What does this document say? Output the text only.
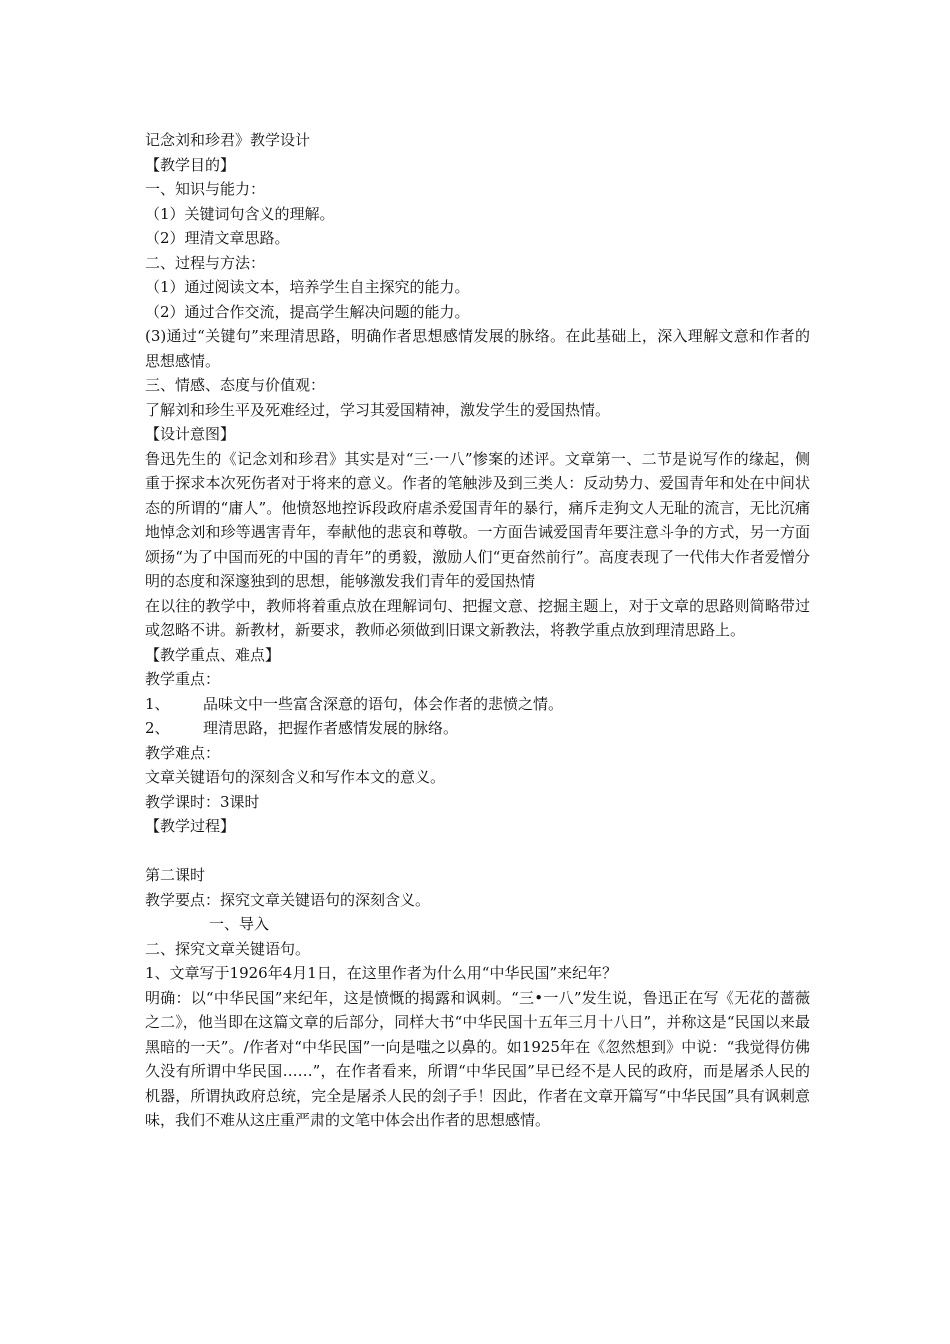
记念刘和珍君》教学设计
【教学目的】
一、知识与能力：
（1）关键词句含义的理解。
（2）理清文章思路。
二、过程与方法：
（1）通过阅读文本，培养学生自主探究的能力。
（2）通过合作交流，提高学生解决问题的能力。
(3)通过“关键句”来理清思路，明确作者思想感情发展的脉络。在此基础上，深入理解文意和作者的思想感情。
三、情感、态度与价值观：
了解刘和珍生平及死难经过，学习其爱国精神，激发学生的爱国热情。
【设计意图】
鲁迅先生的《记念刘和珍君》其实是对“三·一八”惨案的述评。文章第一、二节是说写作的缘起，侧重于探求本次死伤者对于将来的意义。作者的笔触涉及到三类人：反动势力、爱国青年和处在中间状态的所谓的“庸人”。他愤怒地控诉段政府虐杀爱国青年的暴行，痛斥走狗文人无耻的流言，无比沉痛地悼念刘和珍等遇害青年，奉献他的悲哀和尊敬。一方面告诫爱国青年要注意斗争的方式，另一方面颂扬“为了中国而死的中国的青年”的勇毅，激励人们“更奋然前行”。高度表现了一代伟大作者爱憎分明的态度和深邃独到的思想，能够激发我们青年的爱国热情
在以往的教学中，教师将着重点放在理解词句、把握文意、挖掘主题上，对于文章的思路则简略带过或忽略不讲。新教材，新要求，教师必须做到旧课文新教法，将教学重点放到理清思路上。
【教学重点、难点】
教学重点：
1、	品味文中一些富含深意的语句，体会作者的悲愤之情。
2、	理清思路，把握作者感情发展的脉络。
教学难点：
文章关键语句的深刻含义和写作本文的意义。
教学课时：3课时
【教学过程】
第二课时
教学要点：探究文章关键语句的深刻含义。
一、导入
二、探究文章关键语句。
1、文章写于1926年4月1日，在这里作者为什么用“中华民国”来纪年？
明确：以“中华民国”来纪年，这是愤慨的揭露和讽刺。“三•一八”发生说，鲁迅正在写《无花的蔷薇之二》，他当即在这篇文章的后部分，同样大书“中华民国十五年三月十八日”，并称这是“民国以来最黑暗的一天”。/作者对“中华民国”一向是嗤之以鼻的。如1925年在《忽然想到》中说：“我觉得仿佛久没有所谓中华民国……”，在作者看来，所谓“中华民国”早已经不是人民的政府，而是屠杀人民的机器，所谓执政府总统，完全是屠杀人民的刽子手！因此，作者在文章开篇写“中华民国”具有讽刺意味，我们不难从这庄重严肃的文笔中体会出作者的思想感情。
